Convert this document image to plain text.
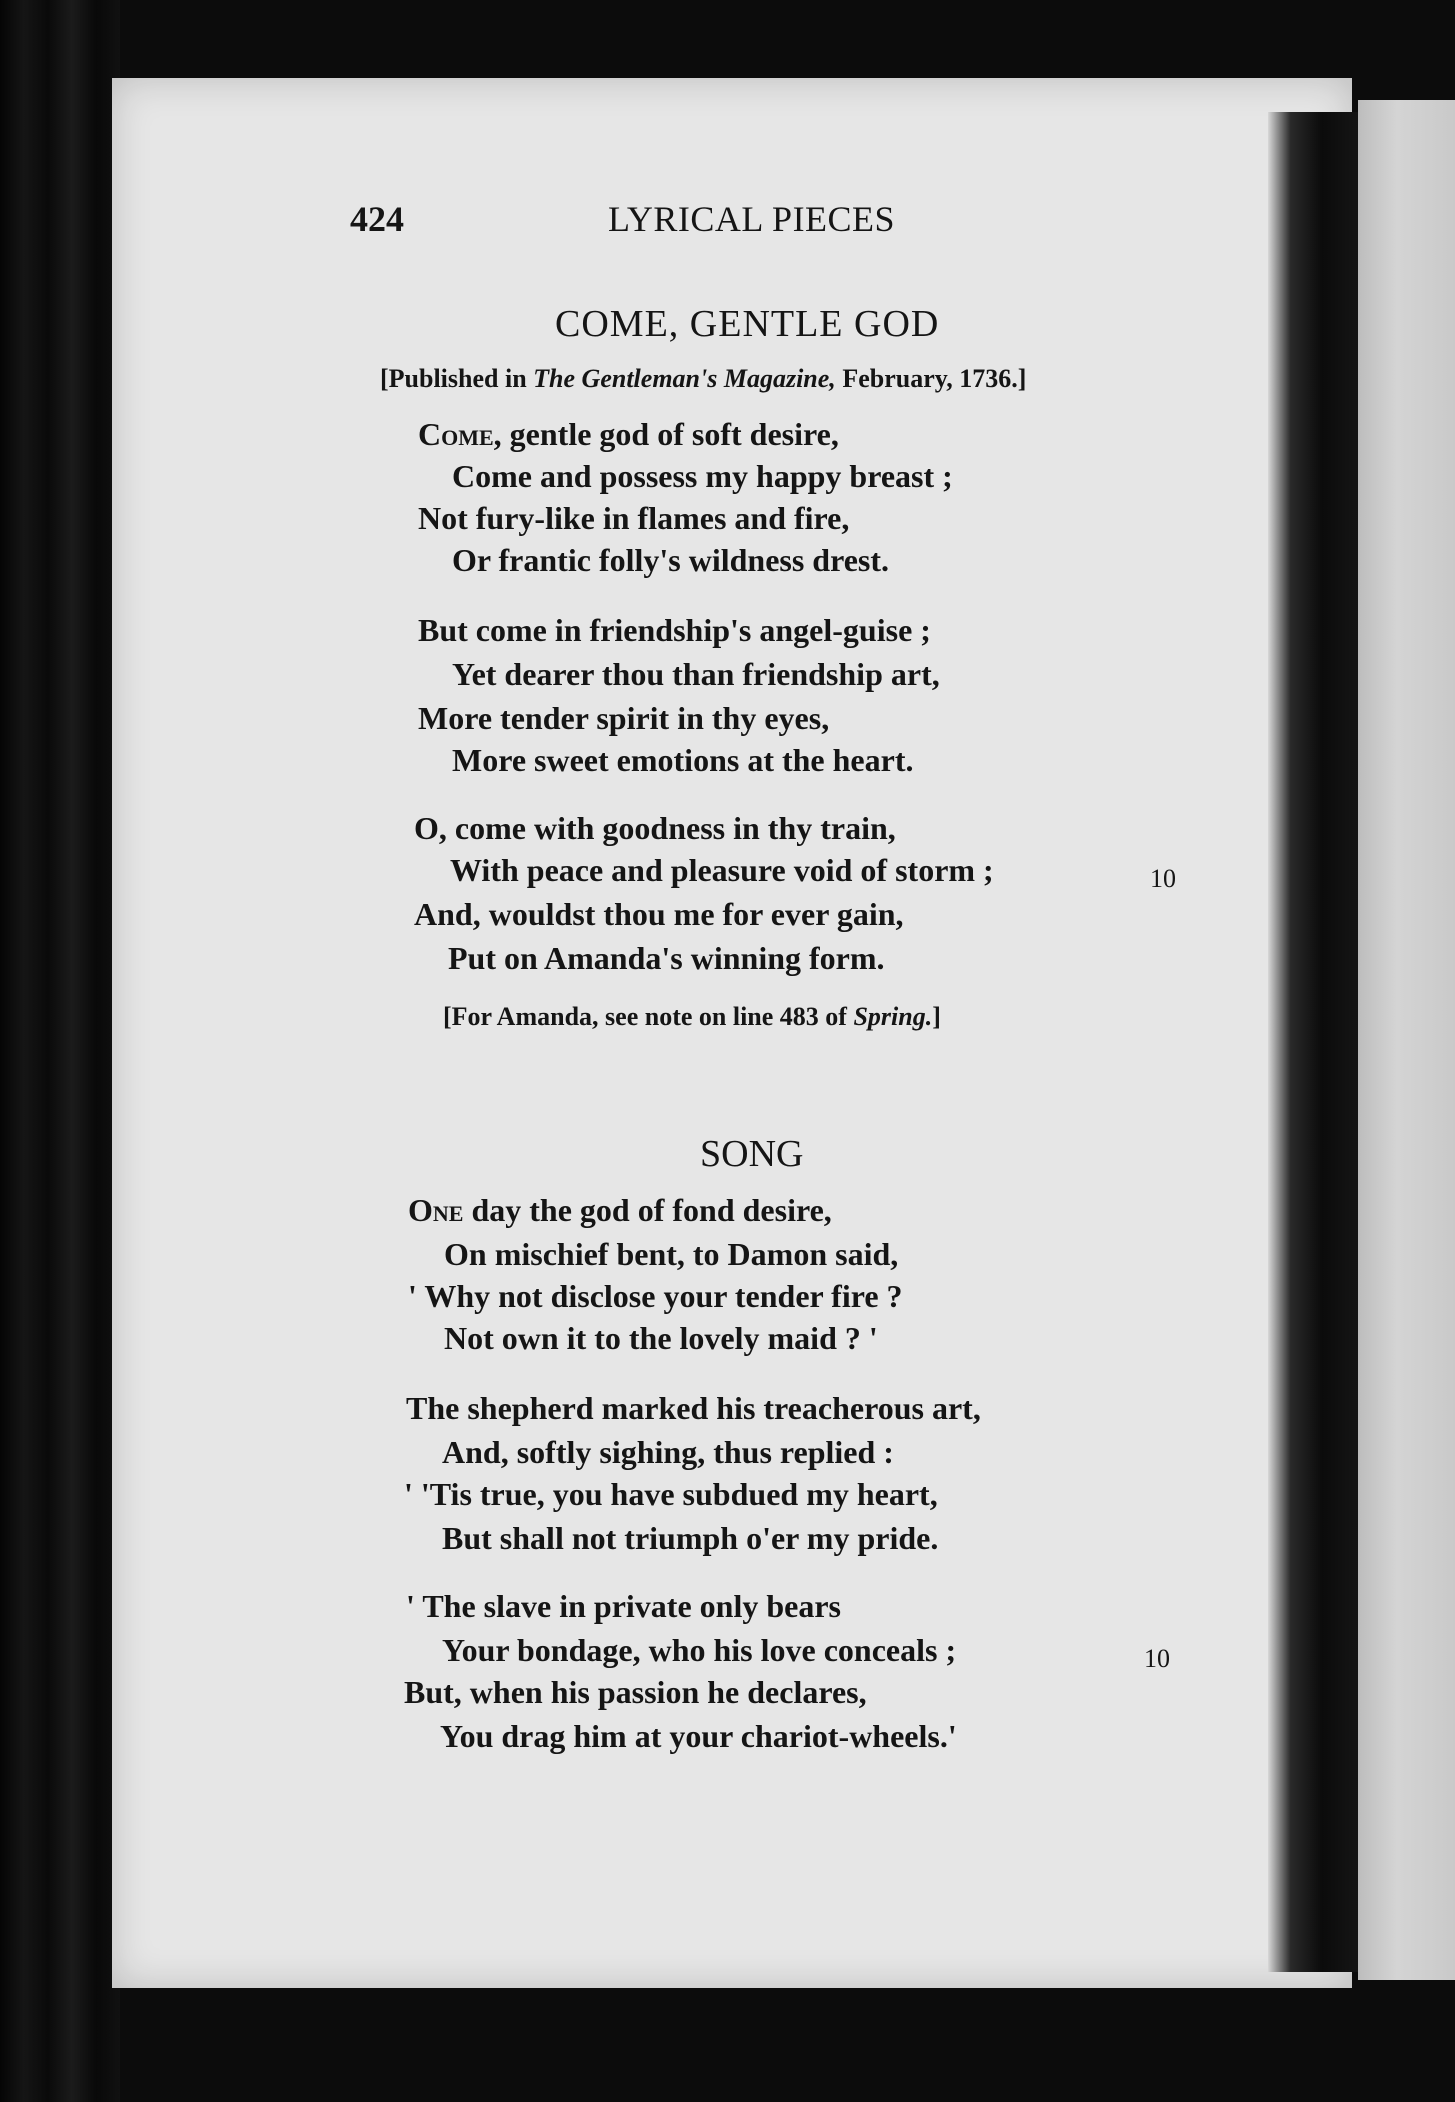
424	LYRICAL PIECES
COME, GENTLE GOD
[Published in The Gentleman's Magazine, February, 1736.]
Come, gentle god of soft desire,
Come and possess my happy breast ;
Not fury-like in flames and fire,
Or frantic folly's wildness drest.
But come in friendship's angel-guise ;
Yet dearer thou than friendship art,
More tender spirit in thy eyes,
More sweet emotions at the heart.
O, come with goodness in thy train,
With peace and pleasure void of storm ;	10
And, wouldst thou me for ever gain,
Put on Amanda's winning form.
[For Amanda, see note on line 483 of Spring.]
SONG
One day the god of fond desire,
On mischief bent, to Damon said,
' Why not disclose your tender fire ?
Not own it to the lovely maid ? '
The shepherd marked his treacherous art,
And, softly sighing, thus replied :
' 'Tis true, you have subdued my heart,
But shall not triumph o'er my pride.
' The slave in private only bears
Your bondage, who his love conceals ;	10
But, when his passion he declares,
You drag him at your chariot-wheels.'
